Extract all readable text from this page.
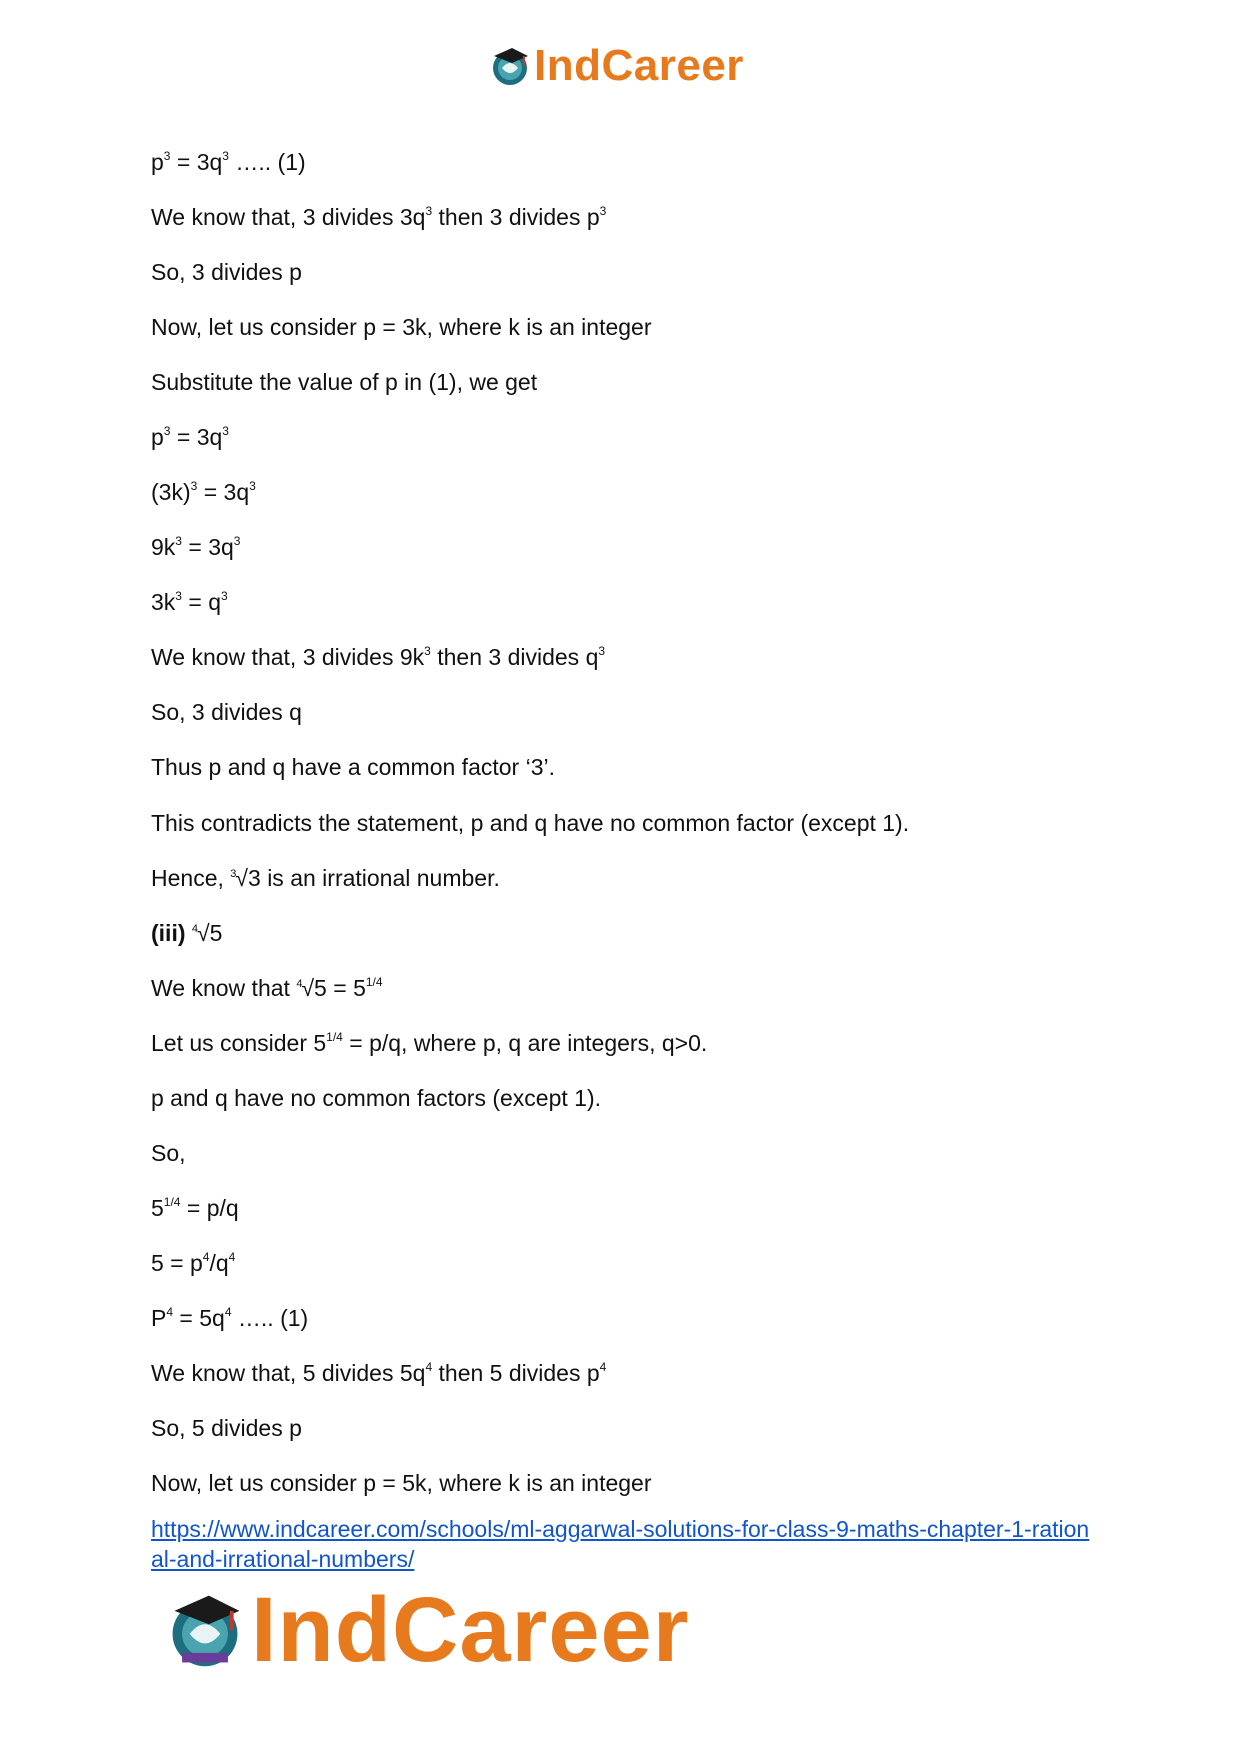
IndCareer
$p^3 = 3q^3$ ….. (1)
We know that, 3 divides $3q^3$ then 3 divides $p^3$
So, 3 divides p
Now, let us consider p = 3k, where k is an integer
Substitute the value of p in (1), we get
$p^3 = 3q^3$
$(3k)^3 = 3q^3$
$9k^3 = 3q^3$
$3k^3 = q^3$
We know that, 3 divides $9k^3$ then 3 divides $q^3$
So, 3 divides q
Thus p and q have a common factor ‘3’.
This contradicts the statement, p and q have no common factor (except 1).
Hence, $^3$√3 is an irrational number.
(iii) $^4$√5
We know that $^4√5 = 5^{1/4}$
Let us consider $5^{1/4} = p/q$, where p, q are integers, q>0.
p and q have no common factors (except 1).
So,
$5^{1/4} = p/q$
$5 = p^4/q^4$
$P^4 = 5q^4$ ….. (1)
We know that, 5 divides $5q^4$ then 5 divides $p^4$
So, 5 divides p
Now, let us consider p = 5k, where k is an integer
https://www.indcareer.com/schools/ml-aggarwal-solutions-for-class-9-maths-chapter-1-ration
al-and-irrational-numbers/
IndCareer
